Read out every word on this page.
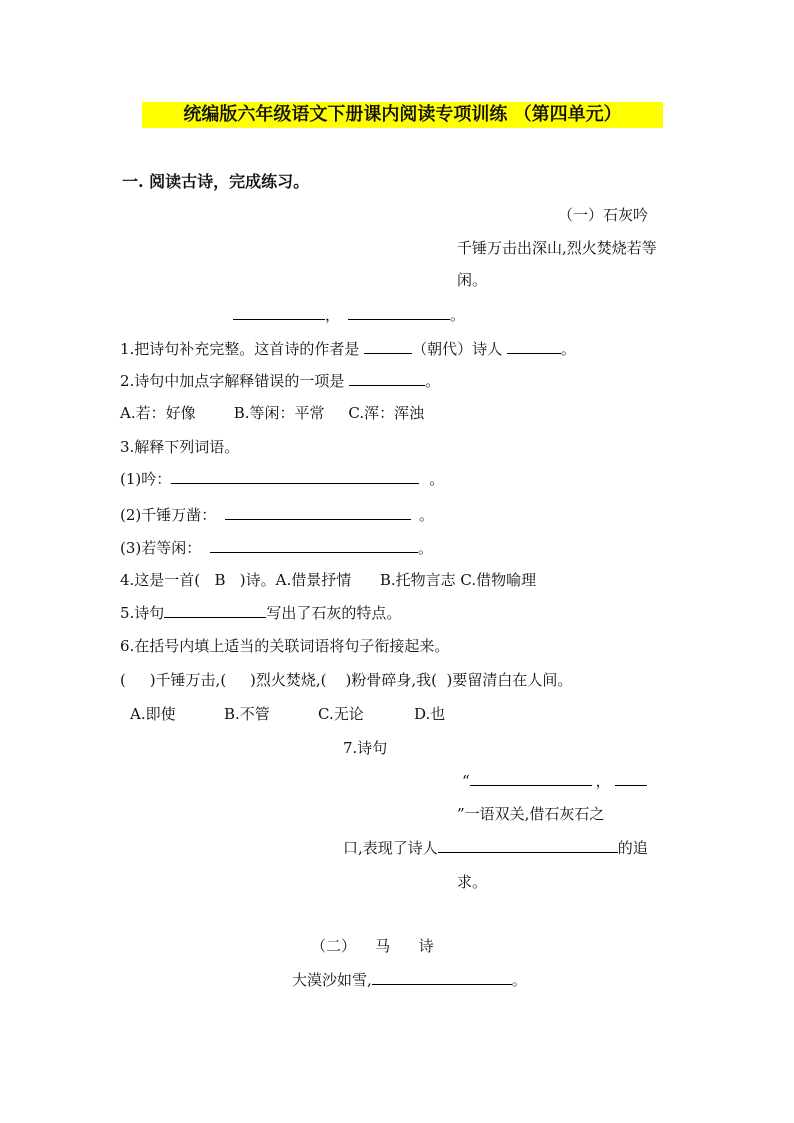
统编版六年级语文下册课内阅读专项训练 （第四单元）
一. 阅读古诗，完成练习。
（一）石灰吟
千锤万击出深山,烈火焚烧若等
闲。
，	。
1.把诗句补充完整。这首诗的作者是	（朝代）诗人	。
2.诗句中加点字解释错误的一项是	。
A.若：好像        B.等闲：平常     C.浑：浑浊
3.解释下列词语。
(1)吟：	。
(2)千锤万凿：	。
(3)若等闲：	。
4.这是一首(   B   )诗。A.借景抒情      B.托物言志 C.借物喻理
5.诗句	写出了石灰的特点。
6.在括号内填上适当的关联词语将句子衔接起来。
(     )千锤万击,(     )烈火焚烧,(    )粉骨碎身,我(  )要留清白在人间。
A.即使	B.不管	C.无论	D.也
7.诗句
“	，
”一语双关,借石灰石之
口,表现了诗人	的追
求。
（二）    马      诗
大漠沙如雪,	。
